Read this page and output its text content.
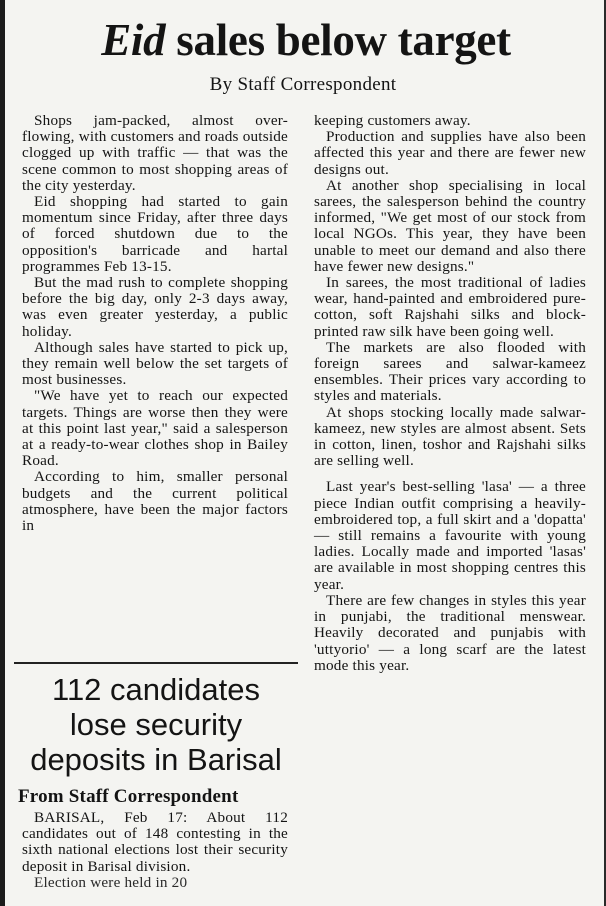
Eid sales below target
By Staff Correspondent

Shops jam-packed, almost over-flowing, with customers and roads outside clogged up with traffic — that was the scene common to most shopping areas of the city yesterday.

Eid shopping had started to gain momentum since Friday, after three days of forced shutdown due to the opposition's barricade and hartal programmes Feb 13-15.

But the mad rush to complete shopping before the big day, only 2-3 days away, was even greater yesterday, a public holiday.

Although sales have started to pick up, they remain well below the set targets of most businesses.

"We have yet to reach our expected targets. Things are worse then they were at this point last year," said a salesperson at a ready-to-wear clothes shop in Bailey Road.

According to him, smaller personal budgets and the current political atmosphere, have been the major factors in

keeping customers away.

Production and supplies have also been affected this year and there are fewer new designs out.

At another shop specialising in local sarees, the salesperson behind the country informed, "We get most of our stock from local NGOs. This year, they have been unable to meet our demand and also there have fewer new designs."

In sarees, the most traditional of ladies wear, hand-painted and embroidered pure-cotton, soft Rajshahi silks and block-printed raw silk have been going well.

The markets are also flooded with foreign sarees and salwar-kameez ensembles. Their prices vary according to styles and materials.

At shops stocking locally made salwar-kameez, new styles are almost absent. Sets in cotton, linen, toshor and Rajshahi silks are selling well.

Last year's best-selling 'lasa' — a three piece Indian outfit comprising a heavily-embroidered top, a full skirt and a 'dopatta' — still remains a favourite with young ladies. Locally made and imported 'lasas' are available in most shopping centres this year.

There are few changes in styles this year in punjabi, the traditional menswear. Heavily decorated and punjabis with 'uttyorio' — a long scarf are the latest mode this year.

112 candidates
lose security
deposits in Barisal
From Staff Correspondent

BARISAL, Feb 17: About 112 candidates out of 148 contesting in the sixth national elections lost their security deposit in Barisal division.

Election were held in 20
